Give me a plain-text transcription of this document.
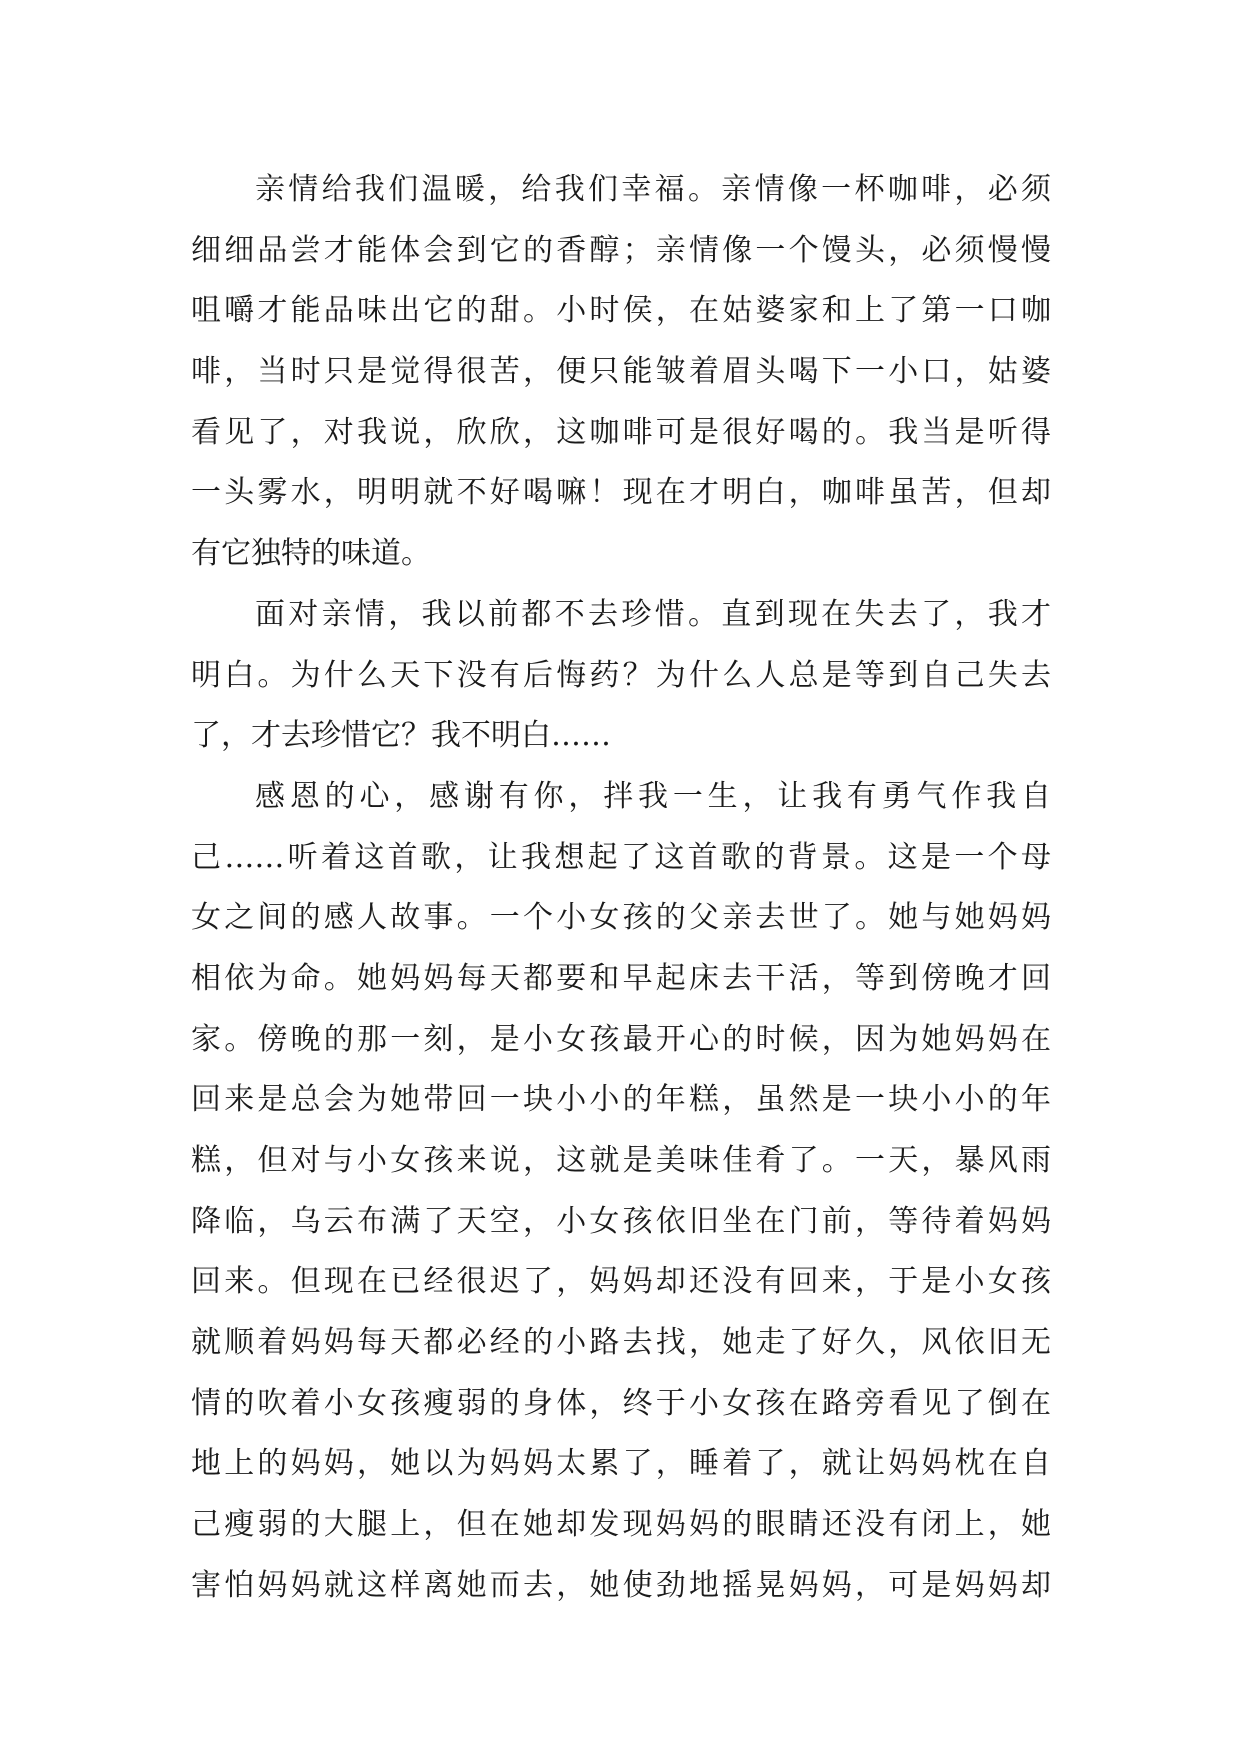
亲情给我们温暖，给我们幸福。亲情像一杯咖啡，必须
细细品尝才能体会到它的香醇；亲情像一个馒头，必须慢慢
咀嚼才能品味出它的甜。小时侯，在姑婆家和上了第一口咖
啡，当时只是觉得很苦，便只能皱着眉头喝下一小口，姑婆
看见了，对我说，欣欣，这咖啡可是很好喝的。我当是听得
一头雾水，明明就不好喝嘛！现在才明白，咖啡虽苦，但却
有它独特的味道。
面对亲情，我以前都不去珍惜。直到现在失去了，我才
明白。为什么天下没有后悔药？为什么人总是等到自己失去
了，才去珍惜它？我不明白……
感恩的心，感谢有你，拌我一生，让我有勇气作我自
己……听着这首歌，让我想起了这首歌的背景。这是一个母
女之间的感人故事。一个小女孩的父亲去世了。她与她妈妈
相依为命。她妈妈每天都要和早起床去干活，等到傍晚才回
家。傍晚的那一刻，是小女孩最开心的时候，因为她妈妈在
回来是总会为她带回一块小小的年糕，虽然是一块小小的年
糕，但对与小女孩来说，这就是美味佳肴了。一天，暴风雨
降临，乌云布满了天空，小女孩依旧坐在门前，等待着妈妈
回来。但现在已经很迟了，妈妈却还没有回来，于是小女孩
就顺着妈妈每天都必经的小路去找，她走了好久，风依旧无
情的吹着小女孩瘦弱的身体，终于小女孩在路旁看见了倒在
地上的妈妈，她以为妈妈太累了，睡着了，就让妈妈枕在自
己瘦弱的大腿上，但在她却发现妈妈的眼睛还没有闭上，她
害怕妈妈就这样离她而去，她使劲地摇晃妈妈，可是妈妈却
